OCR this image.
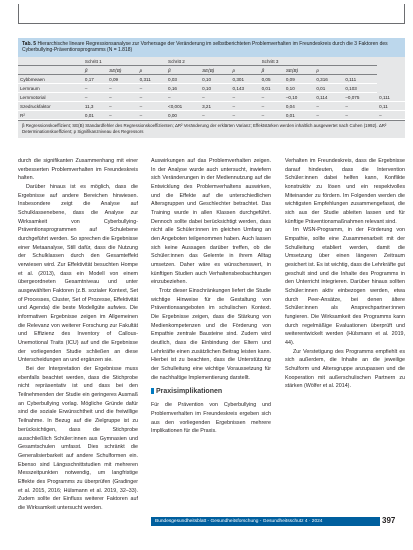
Tab. 5 Hierarchische lineare Regressionsanalyse zur Vorhersage der Veränderung im selbstberichteten Problemverhalten im Freundeskreis durch die 3 Faktoren des Cyberbullying-Präventionsprogramms (N = 1.818)
	Schritt 1			Schritt 2			Schritt 3				
	β	SE(B)	p	β	SE(B)	p	β	SE(B)	p		
Cybbmeaen	0,17	0,09	0,311	0,03	0,10	0,301	0,05	0,09	0,316	0,111	
Lernraum	–	–	–	0,16	0,10	0,143	0,01	0,10	0,01	0,103	
Lernmotorial	–	–	–	–	–	–	–	–0,10	0,114	–0,075	0,111
Szedruckfaktor	11,3	–	–	<0,001	3,21	–	–	0,04	–	–	0,11
R²	0,01	–	–	0,00	–	–	–	0,01	–	–	–
β Regressionskoeffizient; SE(B) Standardfehler des Regressionskoeffizienten; ΔR² Veränderung der erklärten Varianz; Effektstärken werden inhaltlich ausgewertet nach Cohen (1992). ΔR² Determinationskoeffizient; p Signifikanzniveau des Regressors

durch die signifikanten Zusammenhang mit einer verbesserten Problemverhalten im Freundeskreis halten.

Darüber hinaus ist es möglich, dass die Ergebnisse auf andere Bereichen hinwiesen. Insbesondere zeigt die Analyse auf Schulklassenebene, dass die Analyse zur Wirksamkeit von Cyberbullying-Präventionsprogrammen auf Schulebene durchgeführt werden. So sprechen die Ergebnisse einer Metaanalyse, Still dafür, dass die Nutzung der Schulklassen durch den Gesamteffekt verwiesen wird. Zur Effektivität besuchten Hompe et al. (2013), dass ein Modell von einem übergeordneten Gesamtniveau und unter ausgewählten Faktoren (z.B. sozialer Kontext, Set of Processes, Cluster, Set of Prozesse, Effektivität und Agenda) die beste Modellgüte aufwies. Die informativen Ergebnisse zeigen im Allgemeinen die Relevanz von weiterer Forschung zur Fakultät und Effizienz des Inventory of Callous-Unemotional Traits (ICU) auf und die Ergebnisse der vorliegenden Studie schließen an diese Unterscheidungen an und ergänzen sie.

Bei der Interpretation der Ergebnisse muss ebenfalls beachtet werden, dass die Stichprobe nicht repräsentativ ist und dass bei den Teilnehmenden der Studie ein geringeres Ausmaß an Cyberbullying vorlag. Mögliche Gründe dafür sind die soziale Erwünschtheit und die freiwillige Teilnahme. In Bezug auf die Zielgruppe ist zu berücksichtigen, dass die Stichprobe ausschließlich Schüler:innen aus Gymnasien und Gesamtschulen umfasst. Dies schränkt die Generalisierbarkeit auf andere Schulformen ein. Ebenso sind Längsschnittstudien mit mehreren Messzeitpunkten notwendig, um langfristige Effekte des Programms zu überprüfen (Gradinger et al. 2015, 2016; Hülsmann et al. 2019, 32–33). Zudem sollte der Einfluss weiterer Faktoren auf die Wirksamkeit untersucht werden.

Auswirkungen auf das Problemverhalten zeigen. In der Analyse wurde auch untersucht, inwiefern sich Veränderungen in der Mediennutzung auf die Entwicklung des Problemverhaltens auswirken, und die Effekte auf die unterschiedlichen Altersgruppen und Geschlechter betrachtet. Das Training wurde in allen Klassen durchgeführt. Dennoch sollte dabei berücksichtigt werden, dass nicht alle Schüler:innen im gleichen Umfang an den Angeboten teilgenommen haben. Auch lassen sich keine Aussagen darüber treffen, ob die Schüler:innen das Gelernte in ihrem Alltag umsetzen. Daher wäre es wünschenswert, in künftigen Studien auch Verhaltensbeobachtungen einzubeziehen.

Trotz dieser Einschränkungen liefert die Studie wichtige Hinweise für die Gestaltung von Präventionsangeboten im schulischen Kontext. Die Ergebnisse zeigen, dass die Stärkung von Medienkompetenzen und die Förderung von Empathie zentrale Bausteine sind. Zudem wird deutlich, dass die Einbindung der Eltern und Lehrkräfte einen zusätzlichen Beitrag leisten kann. Hierbei ist zu beachten, dass die Unterstützung der Schulleitung eine wichtige Voraussetzung für die nachhaltige Implementierung darstellt.

Praxisimplikationen

Für die Prävention von Cyberbullying und Problemverhalten im Freundeskreis ergeben sich aus den vorliegenden Ergebnissen mehrere Implikationen für die Praxis.

Verhalten im Freundeskreis, dass die Ergebnisse darauf hindeuten, dass die Intervention Schüler:innen dabei helfen kann, Konflikte konstruktiv zu lösen und ein respektvolles Miteinander zu fördern. Im Folgenden werden die wichtigsten Empfehlungen zusammengefasst, die sich aus der Studie ableiten lassen und für künftige Präventionsmaßnahmen relevant sind.

Im WSN-Programm, in der Förderung von Empathie, sollte eine Zusammenarbeit mit der Schulleitung etabliert werden, damit die Umsetzung über einen längeren Zeitraum gesichert ist. Es ist wichtig, dass die Lehrkräfte gut geschult sind und die Inhalte des Programms in den Unterricht integrieren. Darüber hinaus sollten Schüler:innen aktiv einbezogen werden, etwa durch Peer-Ansätze, bei denen ältere Schüler:innen als Ansprechpartner:innen fungieren. Die Wirksamkeit des Programms kann durch regelmäßige Evaluationen überprüft und weiterentwickelt werden (Hülsmann et al. 2019, 44).

Zur Verstetigung des Programms empfiehlt es sich außerdem, die Inhalte an die jeweilige Schulform und Altersgruppe anzupassen und die Kooperation mit außerschulischen Partnern zu stärken (Wölfer et al. 2014).

Bundesgesundheitsblatt - Gesundheitsforschung - Gesundheitsschutz 4 · 2024	397
